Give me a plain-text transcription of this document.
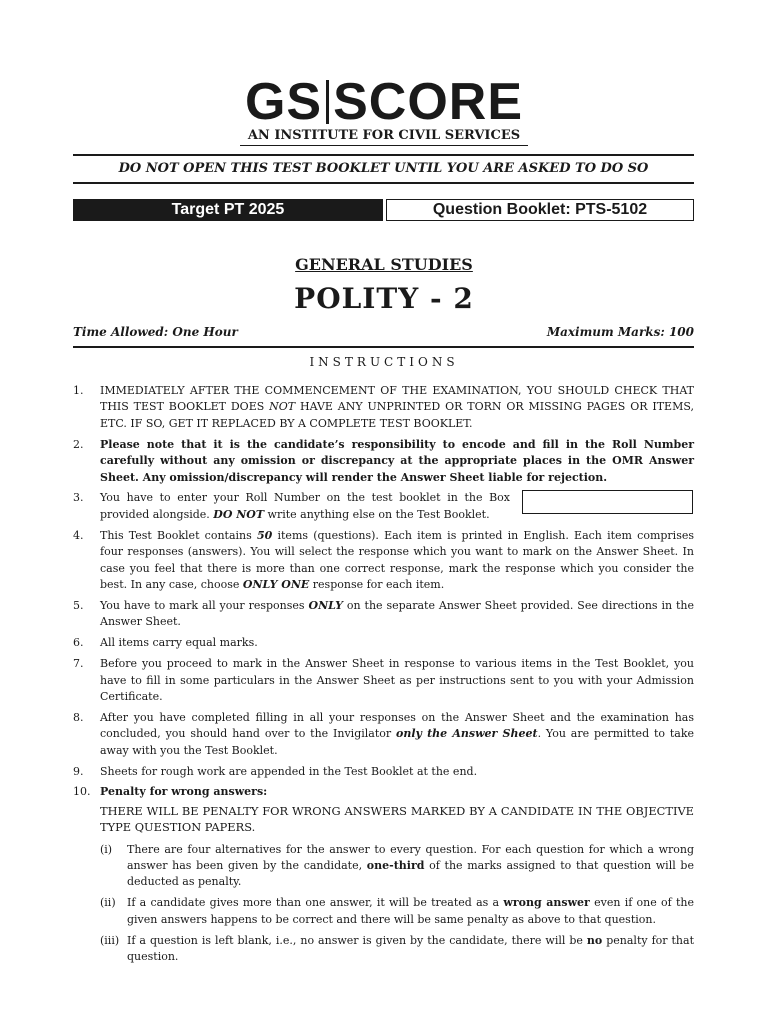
GS SCORE
AN INSTITUTE FOR CIVIL SERVICES
DO NOT OPEN THIS TEST BOOKLET UNTIL YOU ARE ASKED TO DO SO
Target PT 2025	Question Booklet: PTS-5102
GENERAL STUDIES
POLITY - 2
Time Allowed: One Hour	Maximum Marks: 100
INSTRUCTIONS
1.	IMMEDIATELY AFTER THE COMMENCEMENT OF THE EXAMINATION, YOU SHOULD CHECK THAT THIS TEST BOOKLET DOES NOT HAVE ANY UNPRINTED OR TORN OR MISSING PAGES OR ITEMS, ETC. IF SO, GET IT REPLACED BY A COMPLETE TEST BOOKLET.
2.	Please note that it is the candidate’s responsibility to encode and fill in the Roll Number carefully without any omission or discrepancy at the appropriate places in the OMR Answer Sheet. Any omission/discrepancy will render the Answer Sheet liable for rejection.
3.	You have to enter your Roll Number on the test booklet in the Box provided alongside. DO NOT write anything else on the Test Booklet.
4.	This Test Booklet contains 50 items (questions). Each item is printed in English. Each item comprises four responses (answers). You will select the response which you want to mark on the Answer Sheet. In case you feel that there is more than one correct response, mark the response which you consider the best. In any case, choose ONLY ONE response for each item.
5.	You have to mark all your responses ONLY on the separate Answer Sheet provided. See directions in the Answer Sheet.
6.	All items carry equal marks.
7.	Before you proceed to mark in the Answer Sheet in response to various items in the Test Booklet, you have to fill in some particulars in the Answer Sheet as per instructions sent to you with your Admission Certificate.
8.	After you have completed filling in all your responses on the Answer Sheet and the examination has concluded, you should hand over to the Invigilator only the Answer Sheet. You are permitted to take away with you the Test Booklet.
9.	Sheets for rough work are appended in the Test Booklet at the end.
10. Penalty for wrong answers:
THERE WILL BE PENALTY FOR WRONG ANSWERS MARKED BY A CANDIDATE IN THE OBJECTIVE TYPE QUESTION PAPERS.
(i)	There are four alternatives for the answer to every question. For each question for which a wrong answer has been given by the candidate, one-third of the marks assigned to that question will be deducted as penalty.
(ii)	If a candidate gives more than one answer, it will be treated as a wrong answer even if one of the given answers happens to be correct and there will be same penalty as above to that question.
(iii) If a question is left blank, i.e., no answer is given by the candidate, there will be no penalty for that question.
